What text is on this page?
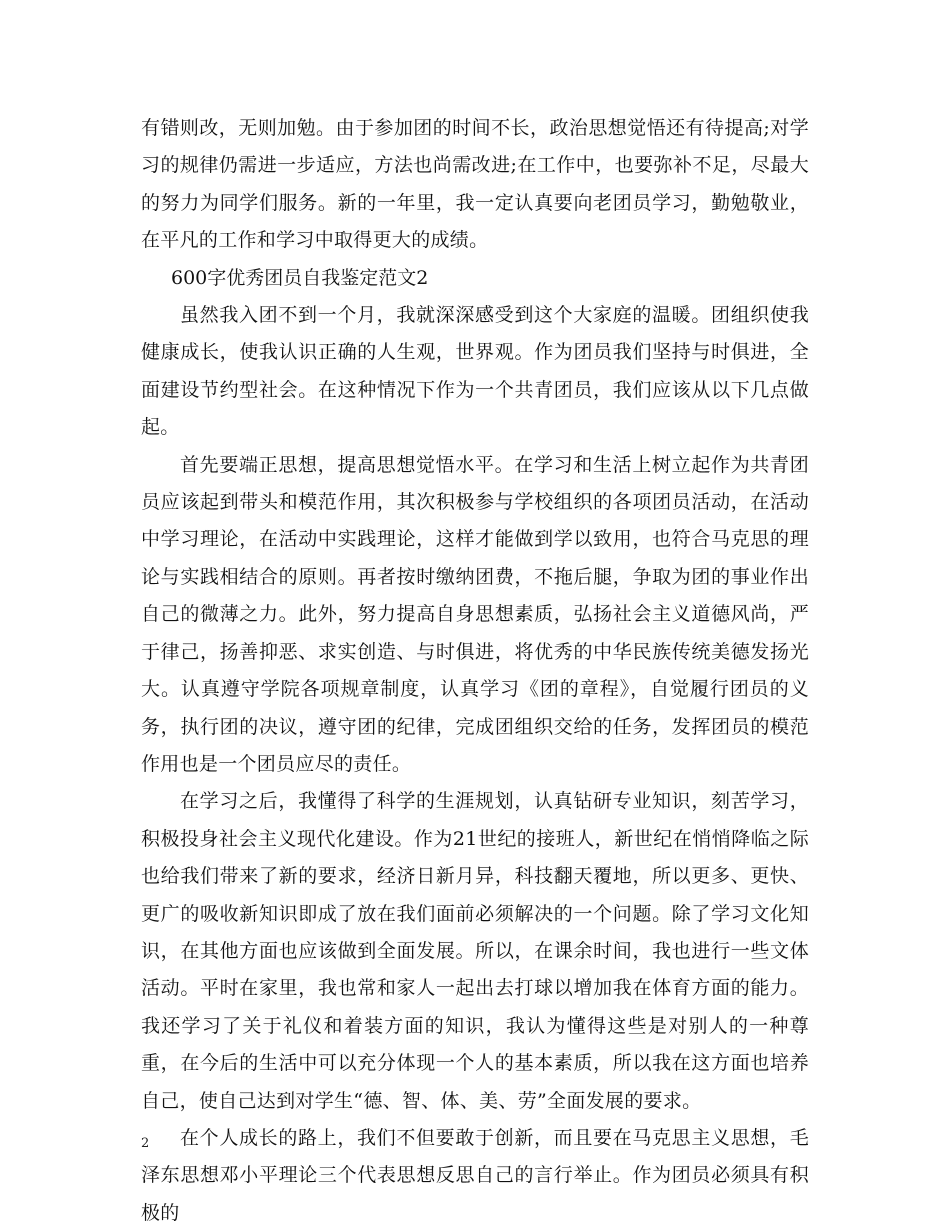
有错则改，无则加勉。由于参加团的时间不长，政治思想觉悟还有待提高;对学习的规律仍需进一步适应，方法也尚需改进;在工作中，也要弥补不足，尽最大的努力为同学们服务。新的一年里，我一定认真要向老团员学习，勤勉敬业，在平凡的工作和学习中取得更大的成绩。

600字优秀团员自我鉴定范文2

虽然我入团不到一个月，我就深深感受到这个大家庭的温暖。团组织使我健康成长，使我认识正确的人生观，世界观。作为团员我们坚持与时俱进，全面建设节约型社会。在这种情况下作为一个共青团员，我们应该从以下几点做起。

首先要端正思想，提高思想觉悟水平。在学习和生活上树立起作为共青团员应该起到带头和模范作用，其次积极参与学校组织的各项团员活动，在活动中学习理论，在活动中实践理论，这样才能做到学以致用，也符合马克思的理论与实践相结合的原则。再者按时缴纳团费，不拖后腿，争取为团的事业作出自己的微薄之力。此外，努力提高自身思想素质，弘扬社会主义道德风尚，严于律己，扬善抑恶、求实创造、与时俱进，将优秀的中华民族传统美德发扬光大。认真遵守学院各项规章制度，认真学习《团的章程》，自觉履行团员的义务，执行团的决议，遵守团的纪律，完成团组织交给的任务，发挥团员的模范作用也是一个团员应尽的责任。

在学习之后，我懂得了科学的生涯规划，认真钻研专业知识，刻苦学习，积极投身社会主义现代化建设。作为21世纪的接班人，新世纪在悄悄降临之际也给我们带来了新的要求，经济日新月异，科技翻天覆地，所以更多、更快、更广的吸收新知识即成了放在我们面前必须解决的一个问题。除了学习文化知识，在其他方面也应该做到全面发展。所以，在课余时间，我也进行一些文体活动。平时在家里，我也常和家人一起出去打球以增加我在体育方面的能力。我还学习了关于礼仪和着装方面的知识，我认为懂得这些是对别人的一种尊重，在今后的生活中可以充分体现一个人的基本素质，所以我在这方面也培养自己，使自己达到对学生“德、智、体、美、劳”全面发展的要求。

在个人成长的路上，我们不但要敢于创新，而且要在马克思主义思想，毛泽东思想邓小平理论三个代表思想反思自己的言行举止。作为团员必须具有积极的

2
